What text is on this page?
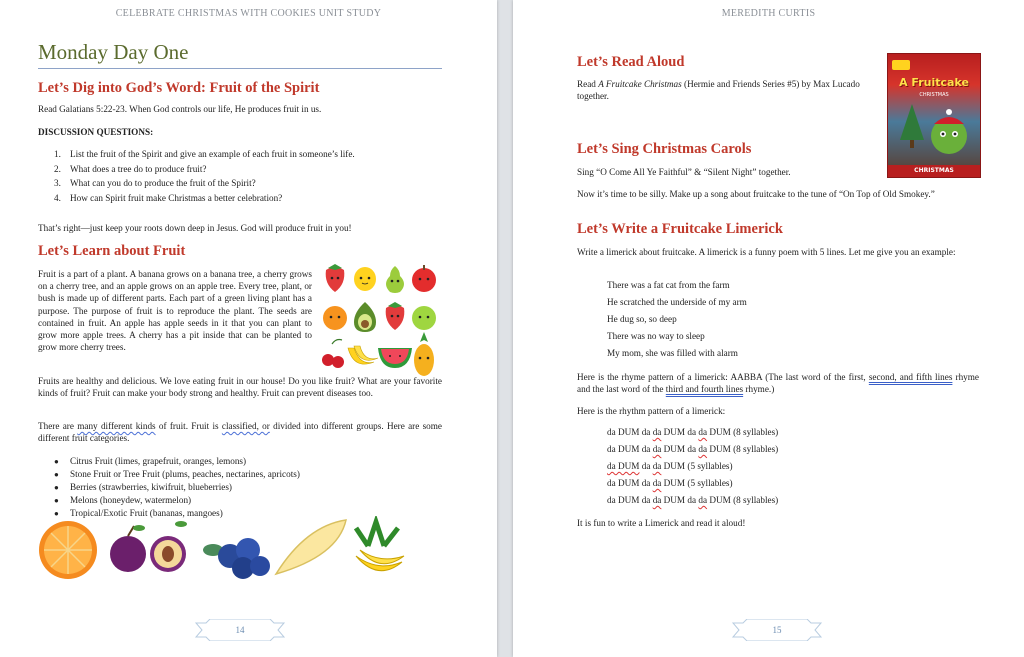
CELEBRATE CHRISTMAS WITH COOKIES UNIT STUDY
Monday Day One
Let’s Dig into God’s Word: Fruit of the Spirit
Read Galatians 5:22-23. When God controls our life, He produces fruit in us.
DISCUSSION QUESTIONS:
1. List the fruit of the Spirit and give an example of each fruit in someone’s life.
2. What does a tree do to produce fruit?
3. What can you do to produce the fruit of the Spirit?
4. How can Spirit fruit make Christmas a better celebration?
That’s right—just keep your roots down deep in Jesus. God will produce fruit in you!
Let’s Learn about Fruit
Fruit is a part of a plant. A banana grows on a banana tree, a cherry grows on a cherry tree, and an apple grows on an apple tree. Every tree, plant, or bush is made up of different parts. Each part of a green living plant has a purpose. The purpose of fruit is to reproduce the plant. The seeds are contained in fruit. An apple has apple seeds in it that you can plant to grow more apple trees. A cherry has a pit inside that can be planted to grow more cherry trees.
Fruits are healthy and delicious. We love eating fruit in our house! Do you like fruit? What are your favorite kinds of fruit? Fruit can make your body strong and healthy. Fruit can prevent diseases too.
There are many different kinds of fruit. Fruit is classified, or divided into different groups. Here are some different fruit categories.
● Citrus Fruit (limes, grapefruit, oranges, lemons)
● Stone Fruit or Tree Fruit (plums, peaches, nectarines, apricots)
● Berries (strawberries, kiwifruit, blueberries)
● Melons (honeydew, watermelon)
● Tropical/Exotic Fruit (bananas, mangoes)
14
MEREDITH CURTIS
Let’s Read Aloud
Read A Fruitcake Christmas (Hermie and Friends Series #5) by Max Lucado together.
A Fruitcake
CHRISTMAS
CHRISTMAS
Let’s Sing Christmas Carols
Sing “O Come All Ye Faithful” & “Silent Night” together.
Now it’s time to be silly. Make up a song about fruitcake to the tune of “On Top of Old Smokey.”
Let’s Write a Fruitcake Limerick
Write a limerick about fruitcake. A limerick is a funny poem with 5 lines. Let me give you an example:
There was a fat cat from the farm
He scratched the underside of my arm
He dug so, so deep
There was no way to sleep
My mom, she was filled with alarm
Here is the rhyme pattern of a limerick: AABBA (The last word of the first, second, and fifth lines rhyme and the last word of the third and fourth lines rhyme.)
Here is the rhythm pattern of a limerick:
da DUM da da DUM da da DUM (8 syllables)
da DUM da da DUM da da DUM (8 syllables)
da DUM da da DUM (5 syllables)
da DUM da da DUM (5 syllables)
da DUM da da DUM da da DUM (8 syllables)
It is fun to write a Limerick and read it aloud!
15
